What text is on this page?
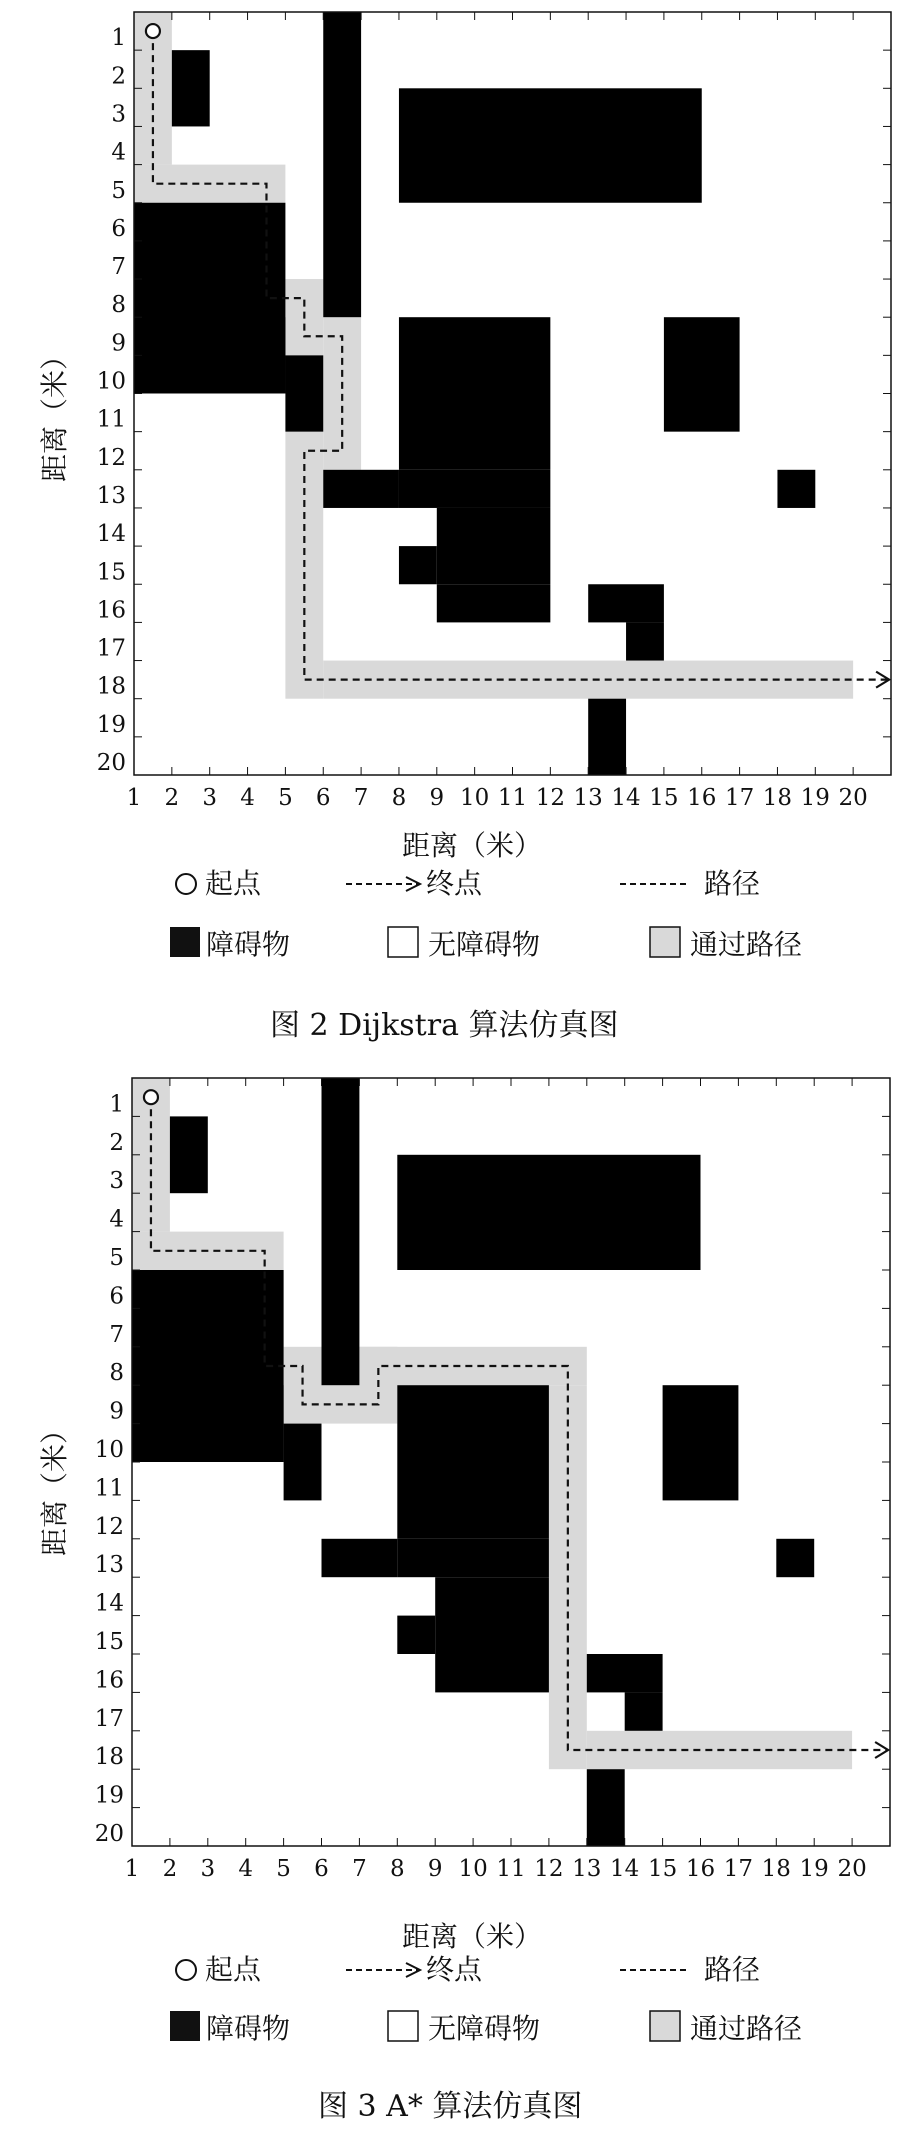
1 2 3 4 5 6 7 8 9 10 11 12 13 14 15 16 17 18 19 20
1
2
3
4
5
6
7
8
9
10
11
12
13
14
15
16
17
18
19
20
距离（米）
距离（米）
起点	终点	路径
障碍物	无障碍物	通过路径
图 2 Dijkstra 算法仿真图
1 2 3 4 5 6 7 8 9 10 11 12 13 14 15 16 17 18 19 20
1
2
3
4
5
6
7
8
9
10
11
12
13
14
15
16
17
18
19
20
距离（米）
距离（米）
起点	终点	路径
障碍物	无障碍物	通过路径
图 3 A* 算法仿真图
